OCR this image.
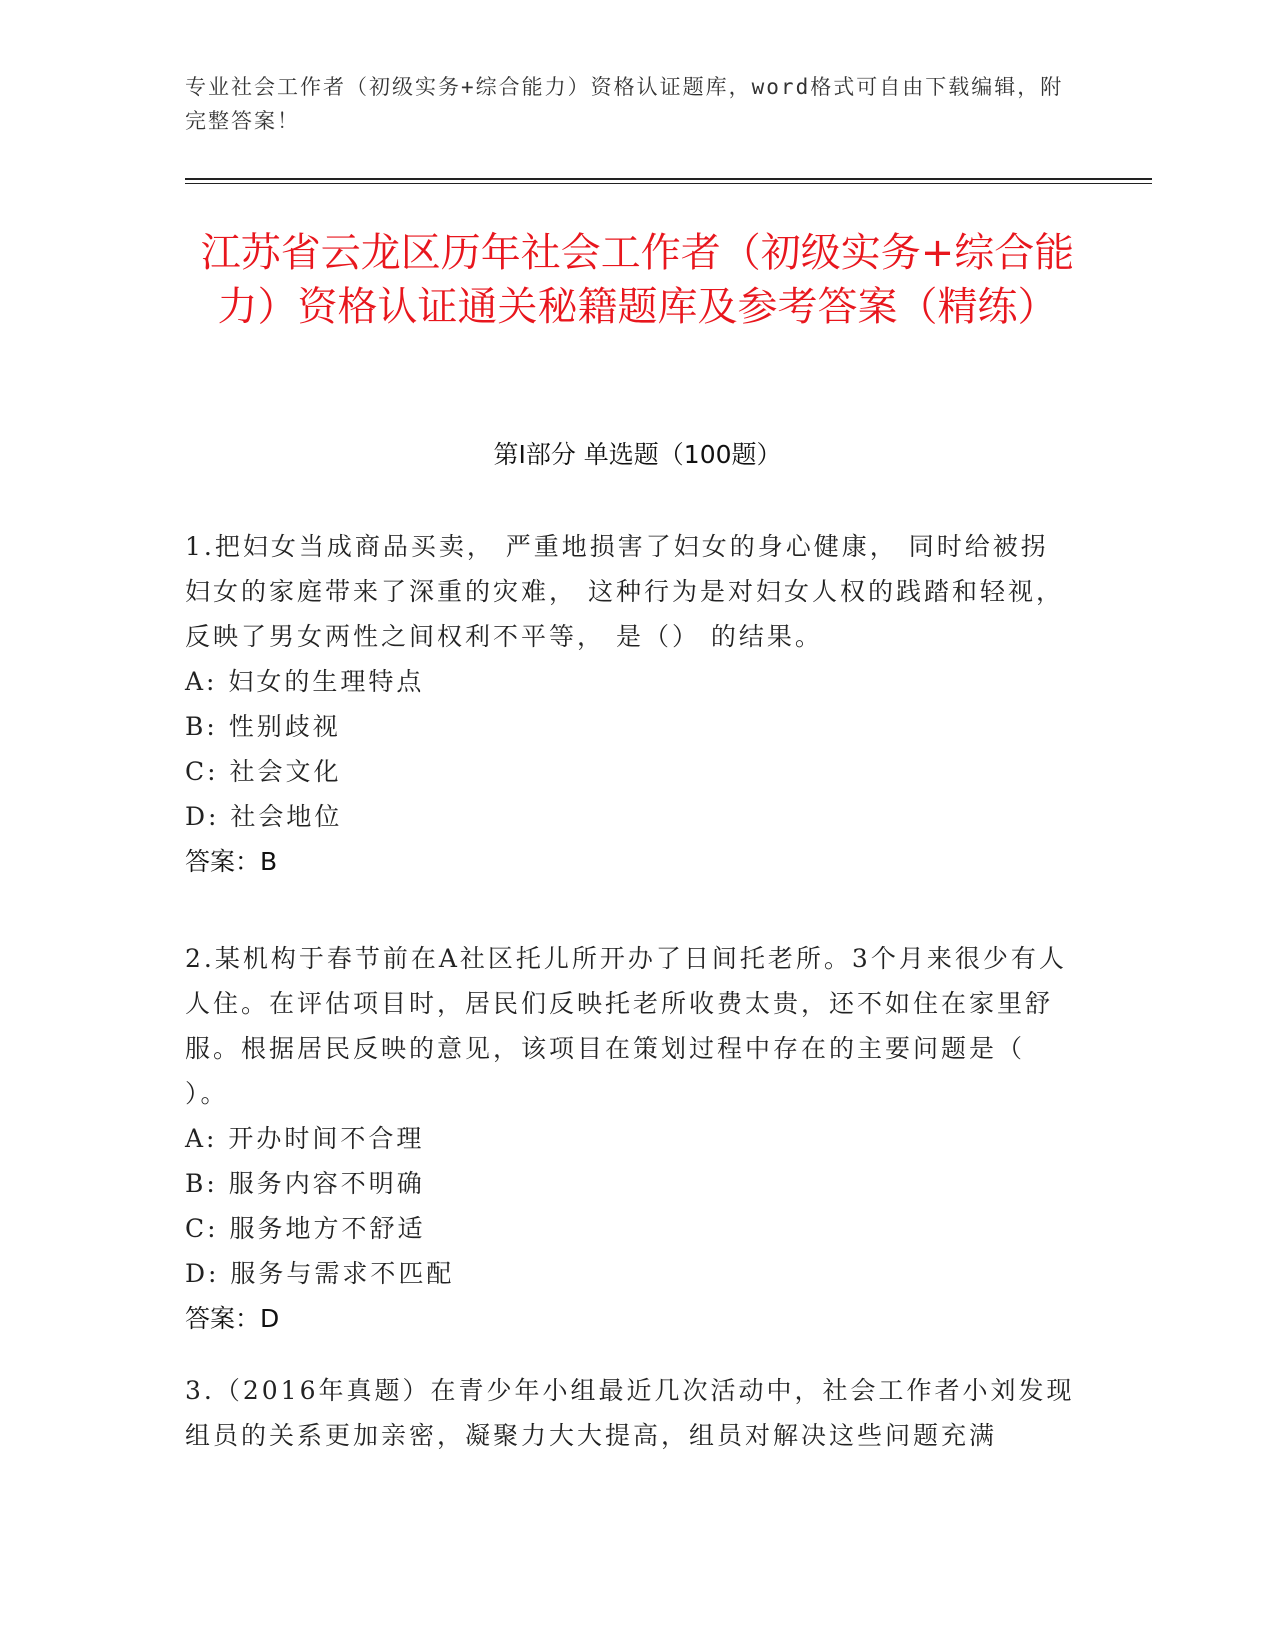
专业社会工作者（初级实务+综合能力）资格认证题库，word格式可自由下载编辑，附完整答案！
江苏省云龙区历年社会工作者（初级实务+综合能力）资格认证通关秘籍题库及参考答案（精练）
第Ⅰ部分 单选题（100题）

1.把妇女当成商品买卖， 严重地损害了妇女的身心健康， 同时给被拐妇女的家庭带来了深重的灾难， 这种行为是对妇女人权的践踏和轻视， 反映了男女两性之间权利不平等， 是（） 的结果。

A: 妇女的生理特点

B: 性别歧视

C: 社会文化

D: 社会地位

答案：B

2.某机构于春节前在A社区托儿所开办了日间托老所。3个月来很少有人人住。在评估项目时，居民们反映托老所收费太贵，还不如住在家里舒服。根据居民反映的意见，该项目在策划过程中存在的主要问题是（ ）。

A: 开办时间不合理

B: 服务内容不明确

C: 服务地方不舒适

D: 服务与需求不匹配

答案：D

3.（2016年真题）在青少年小组最近几次活动中，社会工作者小刘发现组员的关系更加亲密，凝聚力大大提高，组员对解决这些问题充满
